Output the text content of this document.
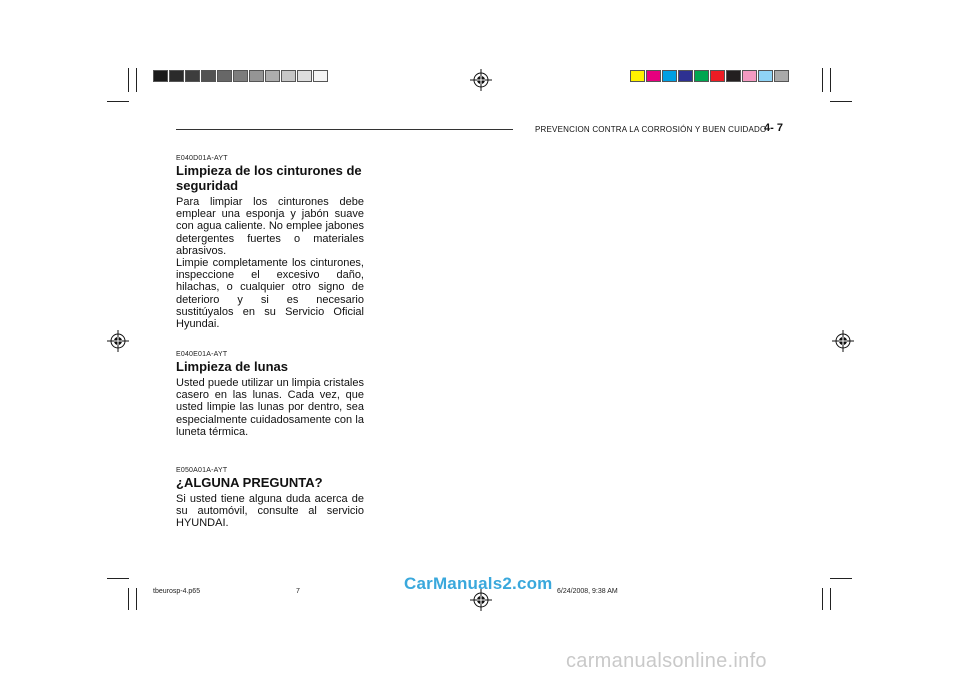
PREVENCION CONTRA LA CORROSIÓN Y BUEN CUIDADO
4- 7
E040D01A-AYT
Limpieza de los cinturones de seguridad

Para limpiar los cinturones debe emplear una esponja y jabón suave con agua caliente. No emplee jabones detergentes fuertes o materiales abrasivos.

Limpie completamente los cinturones, inspeccione el excesivo daño, hilachas, o cualquier otro signo de deterioro y si es necesario sustitúyalos en su Servicio Oficial Hyundai.

E040E01A-AYT
Limpieza de lunas

Usted puede utilizar un limpia cristales casero en las lunas. Cada vez, que usted limpie las lunas por dentro, sea especialmente cuidadosamente con la luneta térmica.

E050A01A-AYT
¿ALGUNA PREGUNTA?

Si usted tiene alguna duda acerca de su automóvil, consulte al servicio HYUNDAI.

tbeurosp-4.p65	7	6/24/2008, 9:38 AM
CarManuals2.com
carmanualsonline.info
